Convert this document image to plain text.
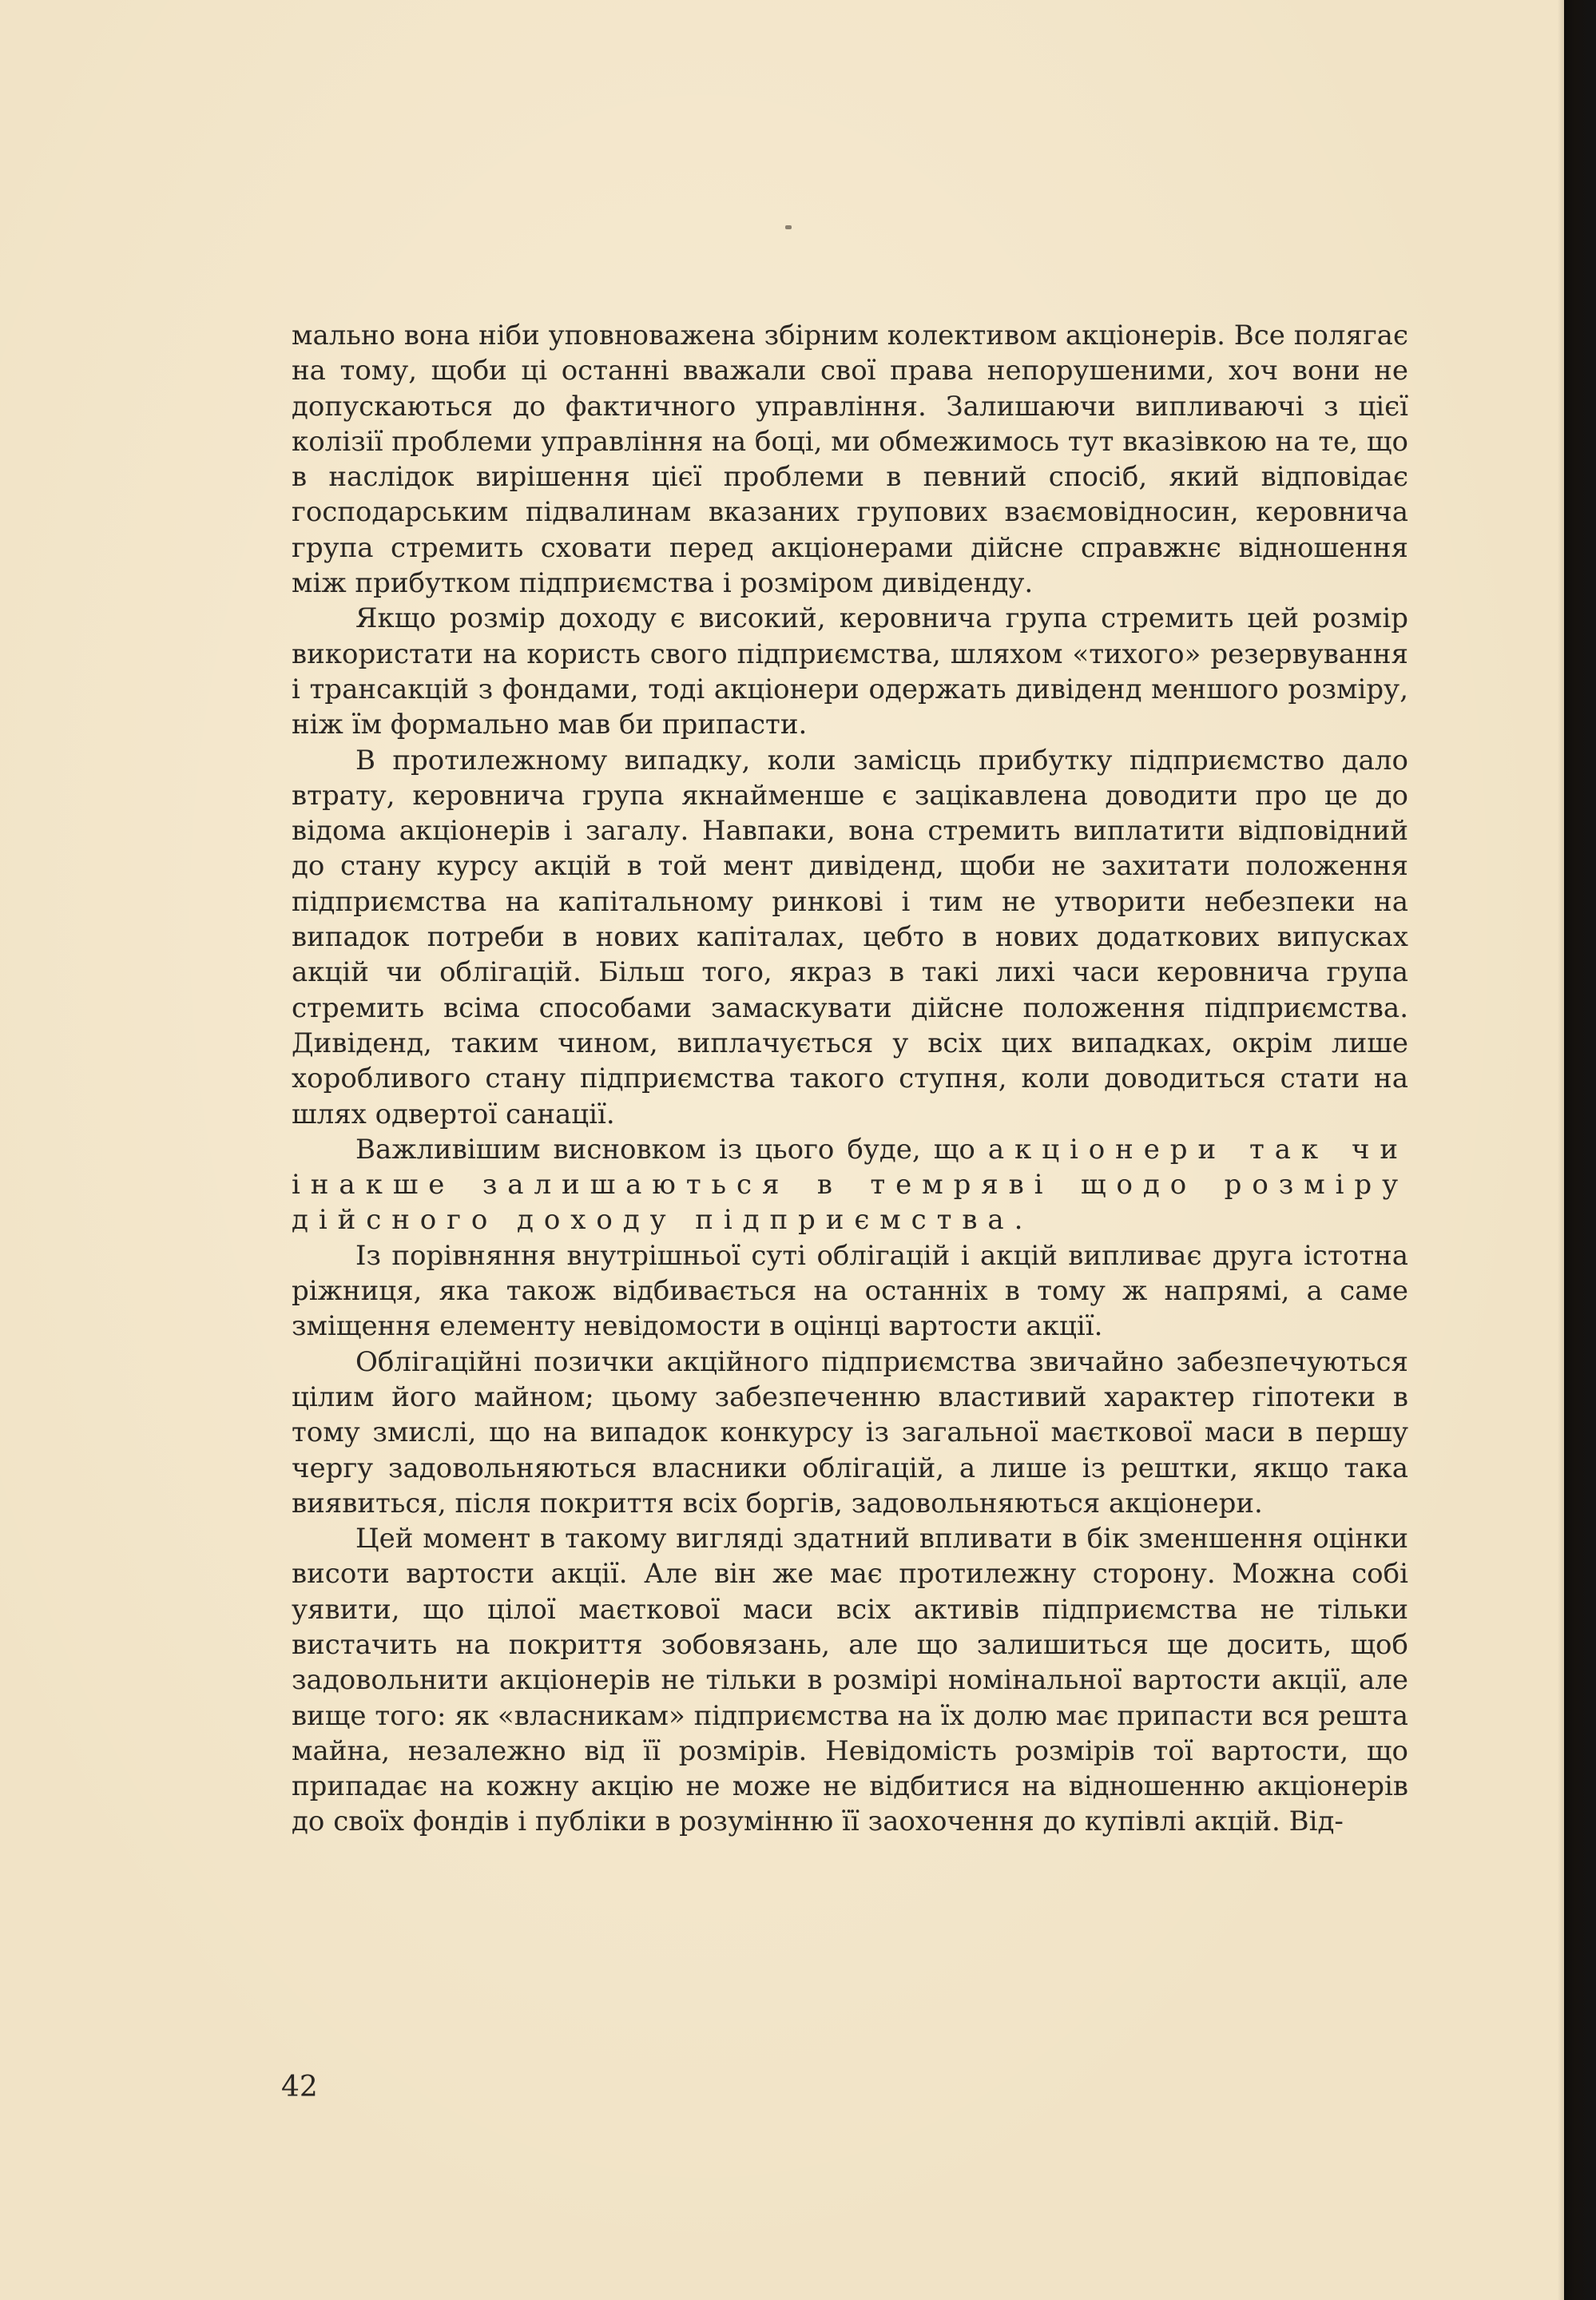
мально вона ніби уповноважена збірним колективом акціонерів. Все полягає на тому, щоби ці останні вважали свої права непорушеними, хоч вони не допускаються до фактичного управління. Залишаючи випливаючі з цієї колізії проблеми управління на боці, ми обмежимось тут вказівкою на те, що в наслідок вирішення цієї проблеми в певний спосіб, який відповідає господарським підвалинам вказаних групових взаємовідносин, керовнича група стремить сховати перед акціонерами дійсне справжнє відношення між прибутком підприємства і розміром дивіденду.

Якщо розмір доходу є високий, керовнича група стремить цей розмір використати на користь свого підприємства, шляхом «тихого» резервування і трансакцій з фондами, тоді акціонери одержать дивіденд меншого розміру, ніж їм формально мав би припасти.

В протилежному випадку, коли замісць прибутку підприємство дало втрату, керовнича група якнайменше є зацікавлена доводити про це до відома акціонерів і загалу. Навпаки, вона стремить виплатити відповідний до стану курсу акцій в той мент дивіденд, щоби не захитати положення підприємства на капітальному ринкові і тим не утворити небезпеки на випадок потреби в нових капіталах, цебто в нових додаткових випусках акцій чи облігацій. Більш того, якраз в такі лихі часи керовнича група стремить всіма способами замаскувати дійсне положення підприємства. Дивіденд, таким чином, виплачується у всіх цих випадках, окрім лише хоробливого стану підприємства такого ступня, коли доводиться стати на шлях одвертої санації.

Важливішим висновком із цього буде, що акціонери так чи інакше залишаються в темряві щодо розміру дійсного доходу підприємства.

Із порівняння внутрішньої суті облігацій і акцій випливає друга істотна ріжниця, яка також відбивається на останніх в тому ж напрямі, а саме зміщення елементу невідомости в оцінці вартости акції.

Облігаційні позички акційного підприємства звичайно забезпечуються цілим його майном; цьому забезпеченню властивий характер гіпотеки в тому змислі, що на випадок конкурсу із загальної маєткової маси в першу чергу задовольняються власники облігацій, а лише із рештки, якщо така виявиться, після покриття всіх боргів, задовольняються акціонери.

Цей момент в такому вигляді здатний впливати в бік зменшення оцінки висоти вартости акції. Але він же має протилежну сторону. Можна собі уявити, що цілої маєткової маси всіх активів підприємства не тільки вистачить на покриття зобовязань, але що залишиться ще досить, щоб задовольнити акціонерів не тільки в розмірі номінальної вартости акції, але вище того: як «власникам» підприємства на їх долю має припасти вся решта майна, незалежно від її розмірів. Невідомість розмірів тої вартости, що припадає на кожну акцію не може не відбитися на відношенню акціонерів до своїх фондів і публіки в розумінню її заохочення до купівлі акцій. Від-

42
